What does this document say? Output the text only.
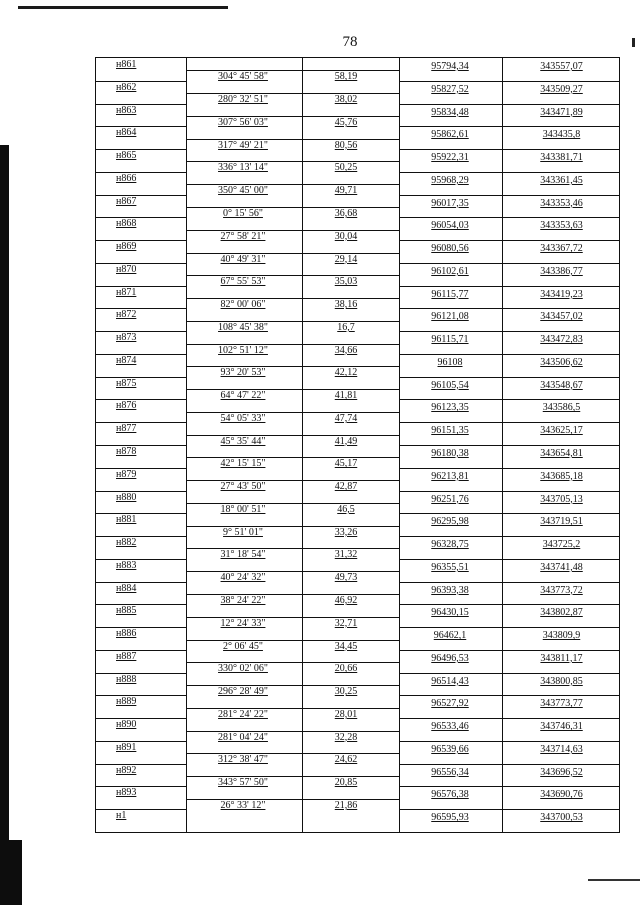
78
н861	95794,34	343557,07
304° 45' 58"	58,19
н862	95827,52	343509,27
280° 32' 51"	38,02
н863	95834,48	343471,89
307° 56' 03"	45,76
н864	95862,61	343435,8
317° 49' 21"	80,56
н865	95922,31	343381,71
336° 13' 14"	50,25
н866	95968,29	343361,45
350° 45' 00"	49,71
н867	96017,35	343353,46
0° 15' 56"	36,68
н868	96054,03	343353,63
27° 58' 21"	30,04
н869	96080,56	343367,72
40° 49' 31"	29,14
н870	96102,61	343386,77
67° 55' 53"	35,03
н871	96115,77	343419,23
82° 00' 06"	38,16
н872	96121,08	343457,02
108° 45' 38"	16,7
н873	96115,71	343472,83
102° 51' 12"	34,66
н874	96108	343506,62
93° 20' 53"	42,12
н875	96105,54	343548,67
64° 47' 22"	41,81
н876	96123,35	343586,5
54° 05' 33"	47,74
н877	96151,35	343625,17
45° 35' 44"	41,49
н878	96180,38	343654,81
42° 15' 15"	45,17
н879	96213,81	343685,18
27° 43' 50"	42,87
н880	96251,76	343705,13
18° 00' 51"	46,5
н881	96295,98	343719,51
9° 51' 01"	33,26
н882	96328,75	343725,2
31° 18' 54"	31,32
н883	96355,51	343741,48
40° 24' 32"	49,73
н884	96393,38	343773,72
38° 24' 22"	46,92
н885	96430,15	343802,87
12° 24' 33"	32,71
н886	96462,1	343809,9
2° 06' 45"	34,45
н887	96496,53	343811,17
330° 02' 06"	20,66
н888	96514,43	343800,85
296° 28' 49"	30,25
н889	96527,92	343773,77
281° 24' 22"	28,01
н890	96533,46	343746,31
281° 04' 24"	32,28
н891	96539,66	343714,63
312° 38' 47"	24,62
н892	96556,34	343696,52
343° 57' 50"	20,85
н893	96576,38	343690,76
26° 33' 12"	21,86
н1	96595,93	343700,53
